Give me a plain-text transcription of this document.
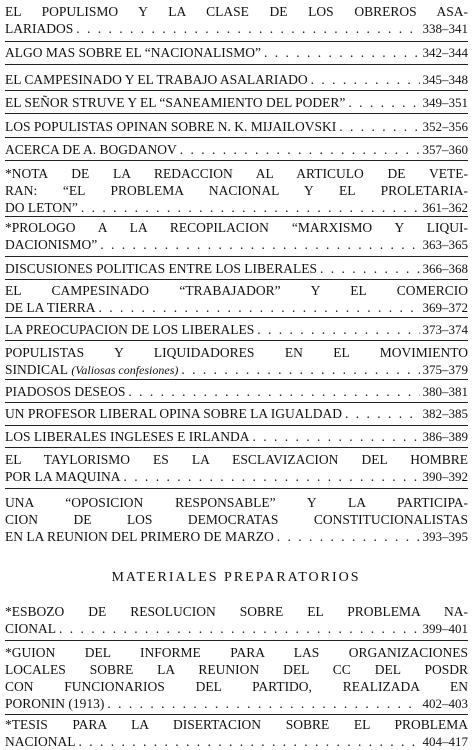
EL POPULISMO Y LA CLASE DE LOS OBREROS ASA-
LARIADOS . . .	338–341
ALGO MAS SOBRE EL “NACIONALISMO” . . .	342–344
EL CAMPESINADO Y EL TRABAJO ASALARIADO . . .	345–348
EL SEÑOR STRUVE Y EL “SANEAMIENTO DEL PODER” . . .	349–351
LOS POPULISTAS OPINAN SOBRE N. K. MIJAILOVSKI . . .	352–356
ACERCA DE A. BOGDANOV . . .	357–360
*NOTA DE LA REDACCION AL ARTICULO DE VETE-
RAN: “EL PROBLEMA NACIONAL Y EL PROLETARIA-
DO LETON” . . .	361–362
*PROLOGO A LA RECOPILACION “MARXISMO Y LIQUI-
DACIONISMO” . . .	363–365
DISCUSIONES POLITICAS ENTRE LOS LIBERALES . . .	366–368
EL CAMPESINADO “TRABAJADOR” Y EL COMERCIO
DE LA TIERRA . . .	369–372
LA PREOCUPACION DE LOS LIBERALES . . .	373–374
POPULISTAS Y LIQUIDADORES EN EL MOVIMIENTO
SINDICAL
(Valiosas confesiones) . . .	375–379
PIADOSOS DESEOS . . .	380–381
UN PROFESOR LIBERAL OPINA SOBRE LA IGUALDAD . . .	382–385
LOS LIBERALES INGLESES E IRLANDA . . .	386–389
EL TAYLORISMO ES LA ESCLAVIZACION DEL HOMBRE
POR LA MAQUINA . . .	390–392
UNA “OPOSICION RESPONSABLE” Y LA PARTICIPA-
CION DE LOS DEMOCRATAS CONSTITUCIONALISTAS
EN LA REUNION DEL PRIMERO DE MARZO . . .	393–395
MATERIALES PREPARATORIOS
*ESBOZO DE RESOLUCION SOBRE EL PROBLEMA NA-
CIONAL . . .	399–401
*GUION DEL INFORME PARA LAS ORGANIZACIONES
LOCALES SOBRE LA REUNION DEL CC DEL POSDR
CON FUNCIONARIOS DEL PARTIDO, REALIZADA EN
PORONIN
(1913) . . .	402–403
*TESIS PARA LA DISERTACION SOBRE EL PROBLEMA
NACIONAL . . .	404–417
